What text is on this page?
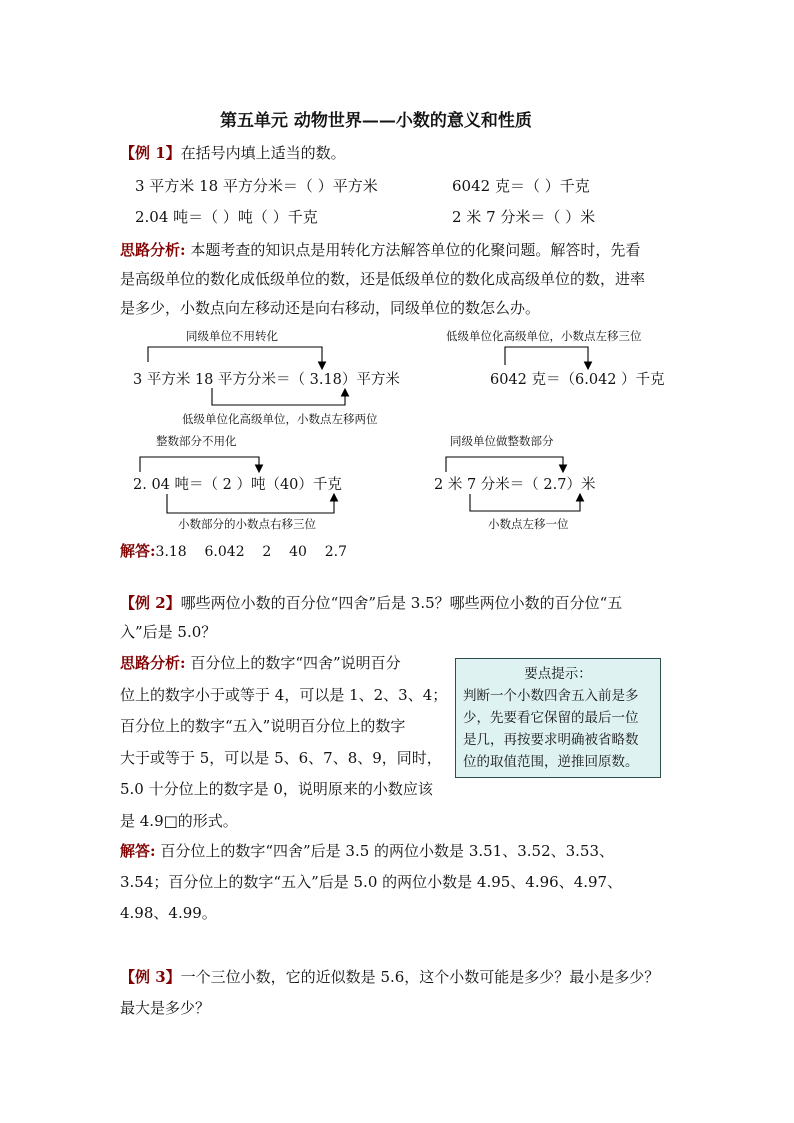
第五单元 动物世界——小数的意义和性质
【例 1】在括号内填上适当的数。
3 平方米 18 平方分米＝（ ）平方米	6042 克＝（ ）千克
2.04 吨＝（ ）吨（ ）千克	2 米 7 分米＝（ ）米
思路分析: 本题考查的知识点是用转化方法解答单位的化聚问题。解答时，先看
是高级单位的数化成低级单位的数，还是低级单位的数化成高级单位的数，进率
是多少，小数点向左移动还是向右移动，同级单位的数怎么办。
同级单位不用转化
3 平方米 18 平方分米＝（ 3.18）平方米
低级单位化高级单位，小数点左移两位
低级单位化高级单位，小数点左移三位
6042 克＝（6.042 ）千克
整数部分不用化
2. 04 吨＝（ 2 ）吨（40）千克
小数部分的小数点右移三位
同级单位做整数部分
2 米 7 分米＝（ 2.7）米
小数点左移一位
解答:3.18    6.042    2    40    2.7
【例 2】哪些两位小数的百分位“四舍”后是 3.5？哪些两位小数的百分位“五
入”后是 5.0？
思路分析: 百分位上的数字“四舍”说明百分
位上的数字小于或等于 4，可以是 1、2、3、4；
百分位上的数字“五入”说明百分位上的数字
大于或等于 5，可以是 5、6、7、8、9，同时，
5.0 十分位上的数字是 0，说明原来的小数应该
是 4.9□的形式。
要点提示：
判断一个小数四舍五入前是多
少，先要看它保留的最后一位
是几，再按要求明确被省略数
位的取值范围，逆推回原数。
解答: 百分位上的数字“四舍”后是 3.5 的两位小数是 3.51、3.52、3.53、
3.54；百分位上的数字“五入”后是 5.0 的两位小数是 4.95、4.96、4.97、
4.98、4.99。
【例 3】一个三位小数，它的近似数是 5.6，这个小数可能是多少？最小是多少？
最大是多少？
